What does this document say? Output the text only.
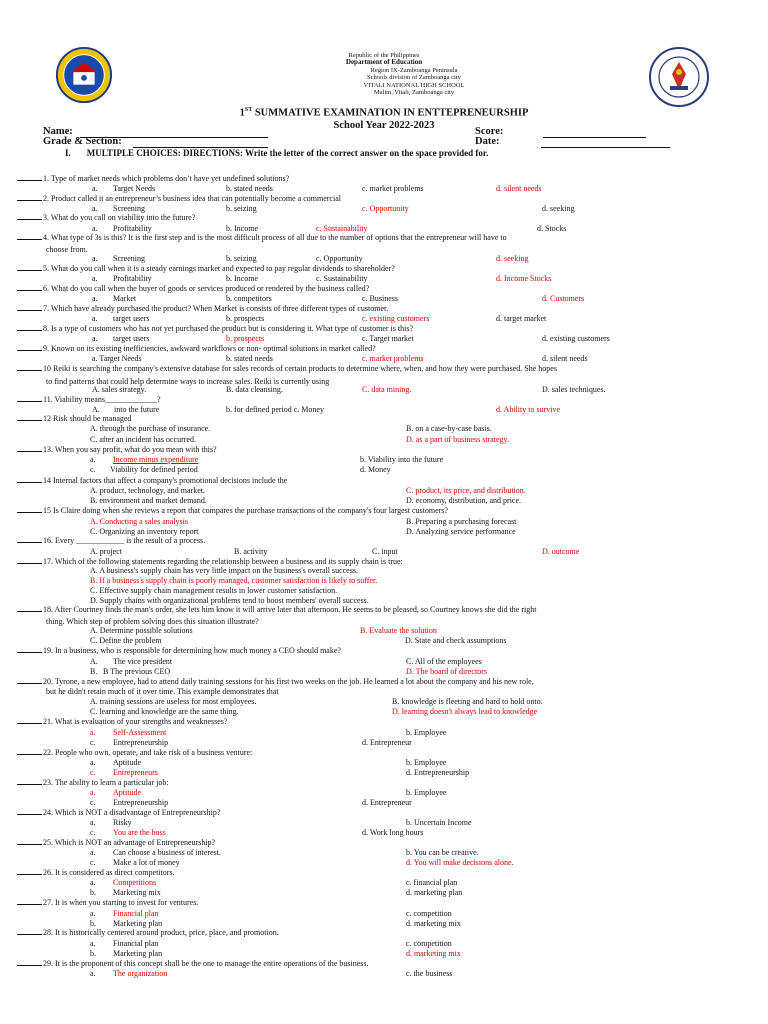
Republic of the Philippines
Department of Education
Region IX-Zamboanga Peninsula
Schools division of Zamboanga city
VITALI NATIONAL HIGH SCHOOL
Malim, Vitali, Zamboanga city
1ST SUMMATIVE EXAMINATION IN ENTTEPRENEURSHIP
School Year 2022-2023
Name:	Score:
Grade & Section:	Date:
I. MULTIPLE CHOICES: DIRECTIONS: Write the letter of the correct answer on the space provided for.
1. Type of market needs which problems don’t have yet undefined solutions?
2. Product called it an entrepreneur’s business idea that can potentially become a commercial
3. What do you call on viability into the future?
4. What type of 3s is this? It is the first step and is the most difficult process of all due to the number of options that the entrepreneur will have to
5. What do you call when it is a steady earnings market and expected to pay regular dividends to shareholder?
6. What do you call when the buyer of goods or services produced or rendered by the business called?
7. Which have already purchased the product? When Market is consists of three different types of customer.
8. Is a type of customers who has not yet purchased the product but is considering it. What type of customer is this?
9. Known on its existing inefficiencies, awkward workflows or non- optimal solutions in market called?
10 Reiki is searching the company's extensive database for sales records of certain products to determine where, when, and how they were purchased. She hopes
11. Viability means_____________?
12 Risk should be managed
13. When you say profit, what do you mean with this?
14 Internal factors that affect a company's promotional decisions include the
15 Is Claire doing when she reviews a report that compares the purchase transactions of the company's four largest customers?
16. Every ____________ is the result of a process.
17. Which of the following statements regarding the relationship between a business and its supply chain is true:
18. After Courtney finds the man's order, she lets him know it will arrive later that afternoon. He seems to be pleased, so Courtney knows she did the right
19. In a business, who is responsible for determining how much money a CEO should make?
20. Tyrone, a new employee, had to attend daily training sessions for his first two weeks on the job. He learned a lot about the company and his new role,
21. What is evaluation of your strengths and weaknesses?
22. People who own, operate, and take risk of a business venture:
23. The ability to learn a particular job:
24. Which is NOT a disadvantage of Entrepreneurship?
25. Which is NOT an advantage of Entrepreneurship?
26. It is considered as direct competitors.
27. It is when you starting to invest for ventures.
28. It is historically centered around product, price, place, and promotion.
29. It is the proponent of this concept shall be the one to manage the entire operations of the business.
choose from.
to find patterns that could help determine ways to increase sales. Reiki is currently using
thing. Which step of problem solving does this situation illustrate?
but he didn't retain much of it over time. This example demonstrates that
a. Target Needs	b. stated needs	c. market problems	d. silent needs
a. Screening	b. seizing	c. Opportunity	d. seeking
a. Profitability	b. Income	c. Sustainability	d. Stocks
a. Screening	b. seizing	c. Opportunity	d. seeking
a. Profitability	b. Income	c. Sustainability	d. Income Stocks
a. Market	b. competitors	c. Business	d. Customers
a. target users	b. prospects	c. existing customers	d. target market
a. target users	b. prospects	c. Target market	d. existing customers
a. Target Needs	b. stated needs	c. market problems	d. silent needs
A. sales strategy.	B. data cleansing.	C. data mining.	D. sales techniques.
A. into the future	b. for defined period c. Money	d. Ability to survive
A. through the purchase of insurance.	B. on a case-by-case basis.
C. after an incident has occurred.	D. as a part of business strategy.
a. Income minus expenditure	b. Viability into the future
c. Viability for defined period	d. Money
A. product, technology, and market.	C. product, its price, and distribution.
B. environment and market demand.	D. economy, distribution, and price.
A. Conducting a sales analysis	B. Preparing a purchasing forecast
C. Organizing an inventory report	D. Analyzing service performance
A. project	B. activity	C. input	D. outcome
A. A business's supply chain has very little impact on the business's overall success.
B. If a business's supply chain is poorly managed, customer satisfaction is likely to suffer.
C. Effective supply chain management results in lower customer satisfaction.
D. Supply chains with organizational problems tend to boost members' overall success.
A. Determine possible solutions	B. Evaluate the solution
C. Define the problem	D. State and check assumptions
A. The vice president	C. All of the employees
B. B The previous CEO	D. The board of directors
A. training sessions are useless for most employees.	B. knowledge is fleeting and hard to hold onto.
C. learning and knowledge are the same thing.	D. learning doesn't always lead to knowledge
a. Self-Assessment	b. Employee
c. Entrepreneurship	d. Entrepreneur
a. Aptitude	b. Employee
c. Entrepreneurs	d. Entrepreneurship
a. Aptitude	b. Employee
c. Entrepreneurship	d. Entrepreneur
a. Risky	b. Uncertain Income
c. You are the boss	d. Work long hours
a. Can choose a business of interest.	b. You can be creative.
c. Make a lot of money	d. You will make decisions alone.
a. Competitions	c. financial plan
b. Marketing mix	d. marketing plan
a. Financial plan	c. competition
b. Marketing plan	d. marketing mix
a. Financial plan	c. competition
b. Marketing plan	d. marketing mix
a. The organization	c. the business
